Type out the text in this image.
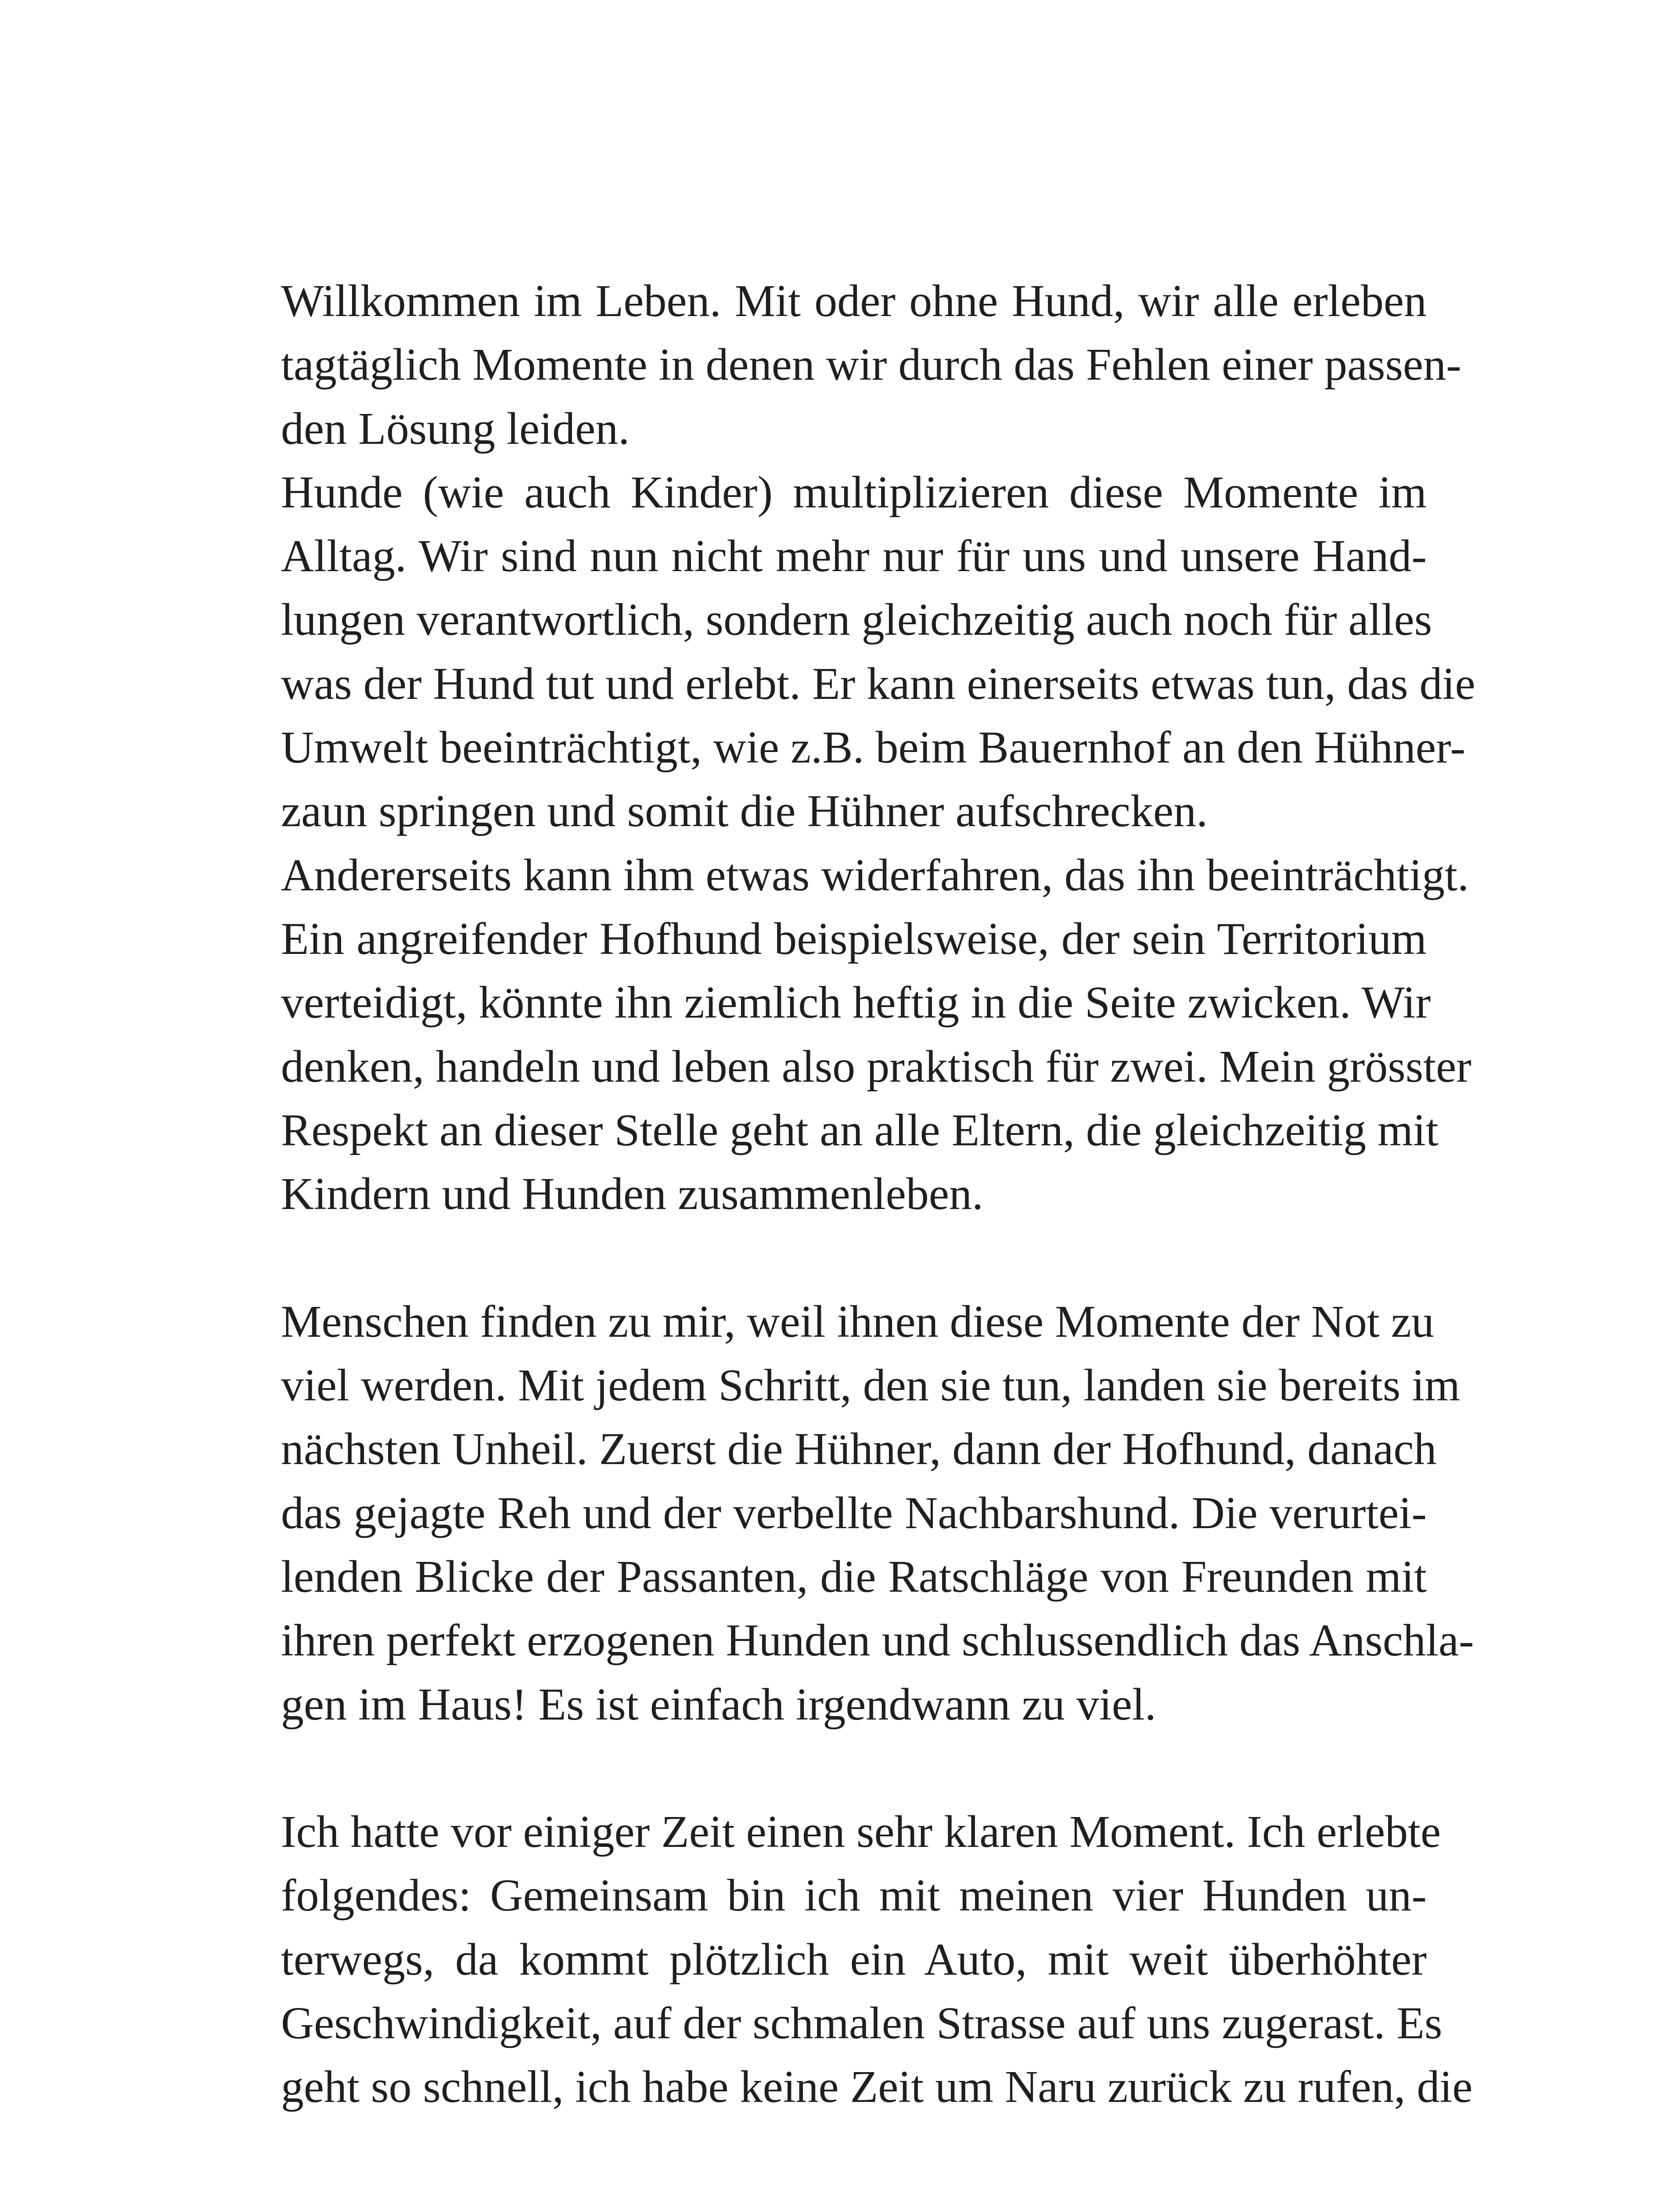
Willkommen im Leben. Mit oder ohne Hund, wir alle erleben
tagtäglich Momente in denen wir durch das Fehlen einer passen-
den Lösung leiden.
Hunde (wie auch Kinder) multiplizieren diese Momente im
Alltag. Wir sind nun nicht mehr nur für uns und unsere Hand-
lungen verantwortlich, sondern gleichzeitig auch noch für alles
was der Hund tut und erlebt. Er kann einerseits etwas tun, das die
Umwelt beeinträchtigt, wie z.B. beim Bauernhof an den Hühner-
zaun springen und somit die Hühner aufschrecken.
Andererseits kann ihm etwas widerfahren, das ihn beeinträchtigt.
Ein angreifender Hofhund beispielsweise, der sein Territorium
verteidigt, könnte ihn ziemlich heftig in die Seite zwicken. Wir
denken, handeln und leben also praktisch für zwei. Mein grösster
Respekt an dieser Stelle geht an alle Eltern, die gleichzeitig mit
Kindern und Hunden zusammenleben.
Menschen finden zu mir, weil ihnen diese Momente der Not zu
viel werden. Mit jedem Schritt, den sie tun, landen sie bereits im
nächsten Unheil. Zuerst die Hühner, dann der Hofhund, danach
das gejagte Reh und der verbellte Nachbarshund. Die verurtei-
lenden Blicke der Passanten, die Ratschläge von Freunden mit
ihren perfekt erzogenen Hunden und schlussendlich das Anschla-
gen im Haus! Es ist einfach irgendwann zu viel.
Ich hatte vor einiger Zeit einen sehr klaren Moment. Ich erlebte
folgendes: Gemeinsam bin ich mit meinen vier Hunden un-
terwegs, da kommt plötzlich ein Auto, mit weit überhöhter
Geschwindigkeit, auf der schmalen Strasse auf uns zugerast. Es
geht so schnell, ich habe keine Zeit um Naru zurück zu rufen, die
